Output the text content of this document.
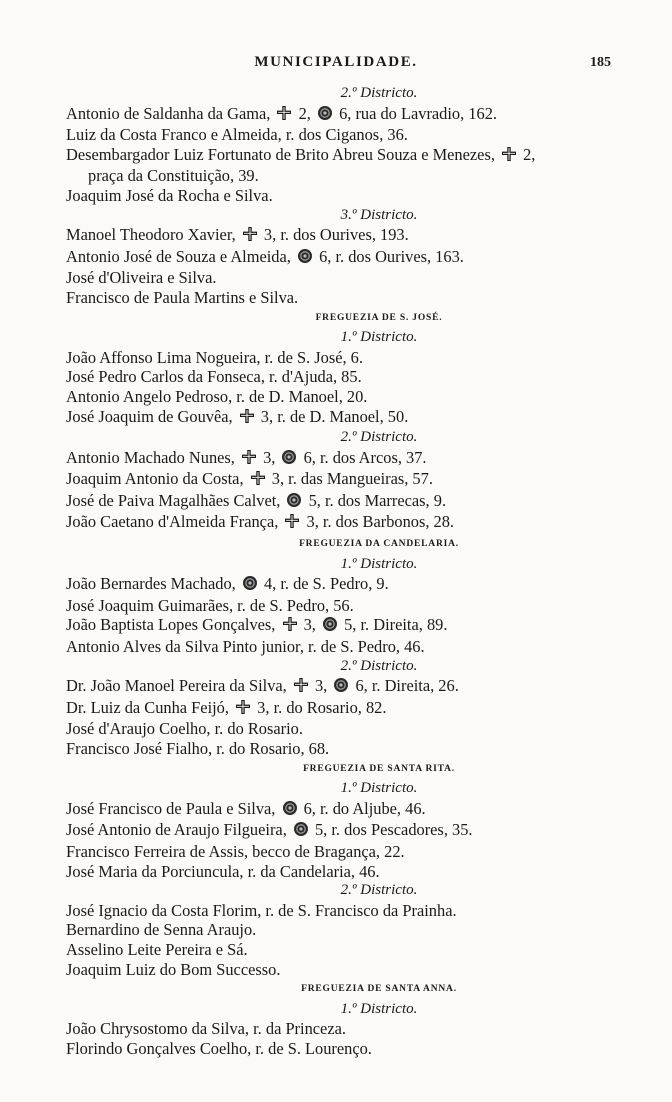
MUNICIPALIDADE.	185
2.º Districto.
Antonio de Saldanha da Gama,  2,  6, rua do Lavradio, 162.
Luiz da Costa Franco e Almeida, r. dos Ciganos, 36.
Desembargador Luiz Fortunato de Brito Abreu Souza e Menezes,  2,
praça da Constituição, 39.
Joaquim José da Rocha e Silva.
3.º Districto.
Manoel Theodoro Xavier,  3, r. dos Ourives, 193.
Antonio José de Souza e Almeida,  6, r. dos Ourives, 163.
José d'Oliveira e Silva.
Francisco de Paula Martins e Silva.
FREGUEZIA DE S. JOSÉ.
1.º Districto.
João Affonso Lima Nogueira, r. de S. José, 6.
José Pedro Carlos da Fonseca, r. d'Ajuda, 85.
Antonio Angelo Pedroso, r. de D. Manoel, 20.
José Joaquim de Gouvêa,  3, r. de D. Manoel, 50.
2.º Districto.
Antonio Machado Nunes,  3,  6, r. dos Arcos, 37.
Joaquim Antonio da Costa,  3, r. das Mangueiras, 57.
José de Paiva Magalhães Calvet,  5, r. dos Marrecas, 9.
João Caetano d'Almeida França,  3, r. dos Barbonos, 28.
FREGUEZIA DA CANDELARIA.
1.º Districto.
João Bernardes Machado,  4, r. de S. Pedro, 9.
José Joaquim Guimarães, r. de S. Pedro, 56.
João Baptista Lopes Gonçalves,  3,  5, r. Direita, 89.
Antonio Alves da Silva Pinto junior, r. de S. Pedro, 46.
2.º Districto.
Dr. João Manoel Pereira da Silva,  3,  6, r. Direita, 26.
Dr. Luiz da Cunha Feijó,  3, r. do Rosario, 82.
José d'Araujo Coelho, r. do Rosario.
Francisco José Fialho, r. do Rosario, 68.
FREGUEZIA DE SANTA RITA.
1.º Districto.
José Francisco de Paula e Silva,  6, r. do Aljube, 46.
José Antonio de Araujo Filgueira,  5, r. dos Pescadores, 35.
Francisco Ferreira de Assis, becco de Bragança, 22.
José Maria da Porciuncula, r. da Candelaria, 46.
2.º Districto.
José Ignacio da Costa Florim, r. de S. Francisco da Prainha.
Bernardino de Senna Araujo.
Asselino Leite Pereira e Sá.
Joaquim Luiz do Bom Successo.
FREGUEZIA DE SANTA ANNA.
1.º Districto.
João Chrysostomo da Silva, r. da Princeza.
Florindo Gonçalves Coelho, r. de S. Lourenço.
